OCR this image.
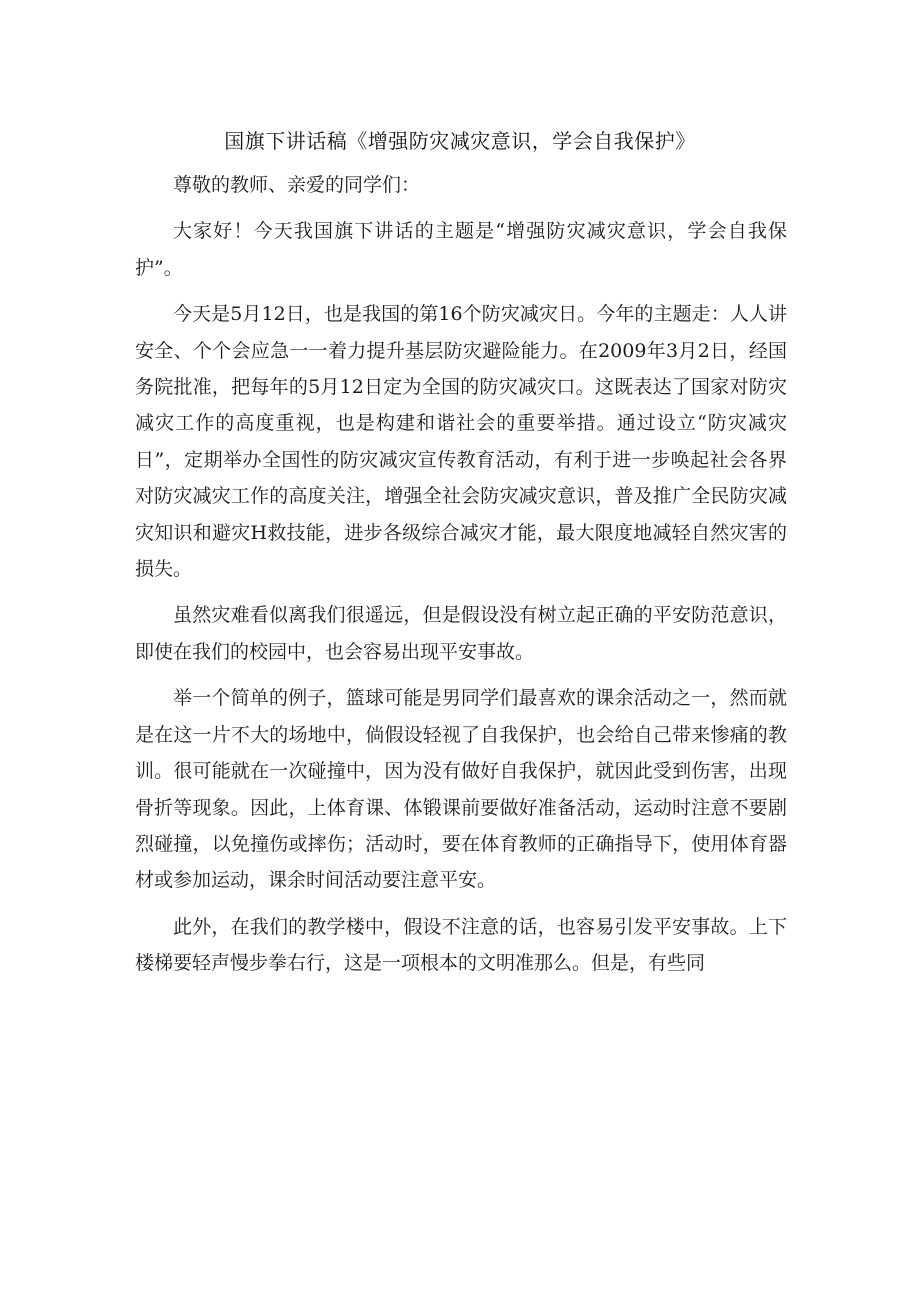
国旗下讲话稿《增强防灾减灾意识，学会自我保护》

尊敬的教师、亲爱的同学们：

大家好！今天我国旗下讲话的主题是“增强防灾减灾意识，学会自我保护”。

今天是5月12日，也是我国的第16个防灾减灾日。今年的主题走：人人讲安全、个个会应急一一着力提升基层防灾避险能力。在2009年3月2日，经国务院批准，把每年的5月12日定为全国的防灾减灾口。这既表达了国家对防灾减灾工作的高度重视，也是构建和谐社会的重要举措。通过设立“防灾减灾日”，定期举办全国性的防灾减灾宣传教育活动，有利于进一步唤起社会各界对防灾减灾工作的高度关注，增强全社会防灾减灾意识，普及推广全民防灾减灾知识和避灾H救技能，进步各级综合减灾才能，最大限度地减轻自然灾害的损失。

虽然灾难看似离我们很遥远，但是假设没有树立起正确的平安防范意识，即使在我们的校园中，也会容易出现平安事故。

举一个简单的例子，篮球可能是男同学们最喜欢的课余活动之一，然而就是在这一片不大的场地中，倘假设轻视了自我保护，也会给自己带来惨痛的教训。很可能就在一次碰撞中，因为没有做好自我保护，就因此受到伤害，出现骨折等现象。因此，上体育课、体锻课前要做好准备活动，运动时注意不要剧烈碰撞，以免撞伤或摔伤；活动时，要在体育教师的正确指导下，使用体育器材或参加运动，课余时间活动要注意平安。

此外，在我们的教学楼中，假设不注意的话，也容易引发平安事故。上下楼梯要轻声慢步拳右行，这是一项根本的文明准那么。但是，有些同
